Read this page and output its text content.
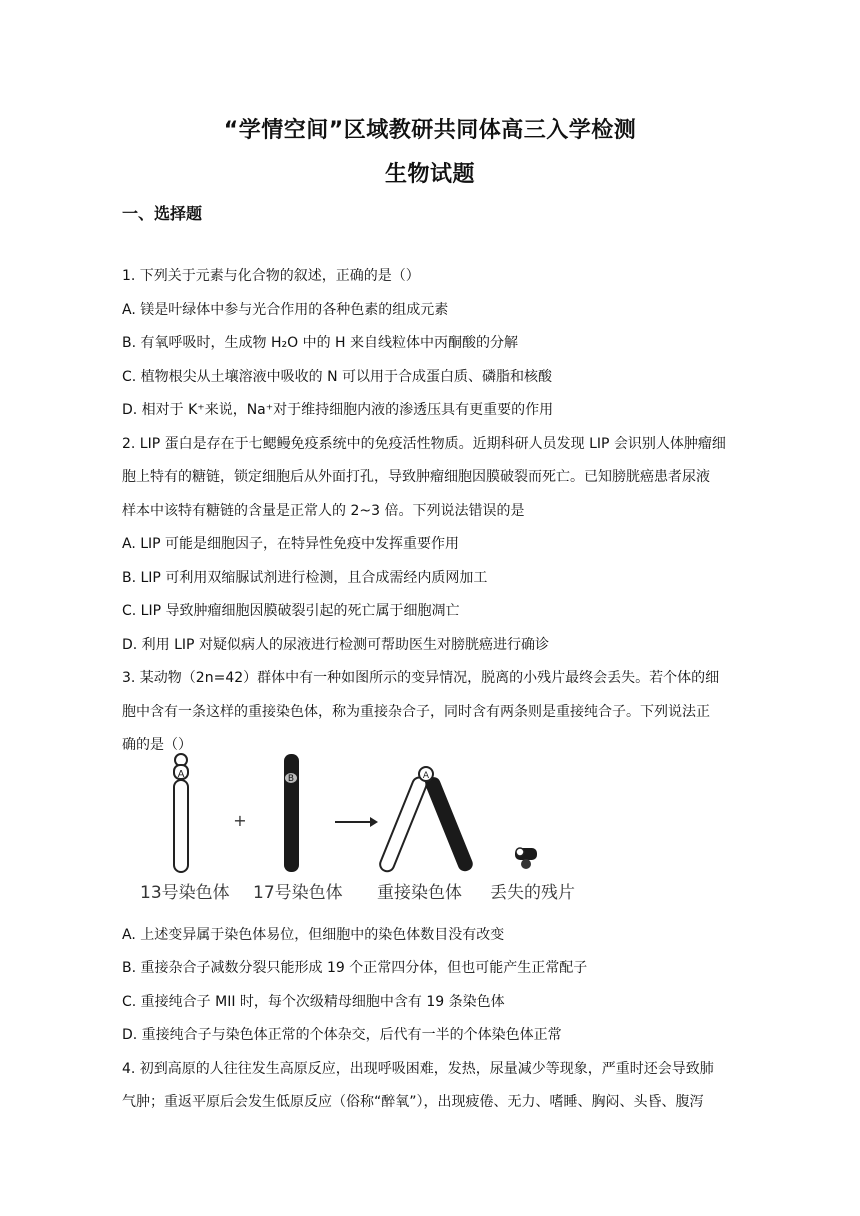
“学情空间”区域教研共同体高三入学检测
生物试题
一、选择题
1. 下列关于元素与化合物的叙述，正确的是（）
A. 镁是叶绿体中参与光合作用的各种色素的组成元素
B. 有氧呼吸时，生成物 H₂O 中的 H 来自线粒体中丙酮酸的分解
C. 植物根尖从土壤溶液中吸收的 N 可以用于合成蛋白质、磷脂和核酸
D. 相对于 K⁺来说，Na⁺对于维持细胞内液的渗透压具有更重要的作用
2. LIP 蛋白是存在于七鳃鳗免疫系统中的免疫活性物质。近期科研人员发现 LIP 会识别人体肿瘤细
胞上特有的糖链，锁定细胞后从外面打孔，导致肿瘤细胞因膜破裂而死亡。已知膀胱癌患者尿液
样本中该特有糖链的含量是正常人的 2~3 倍。下列说法错误的是
A. LIP 可能是细胞因子，在特异性免疫中发挥重要作用
B. LIP 可利用双缩脲试剂进行检测，且合成需经内质网加工
C. LIP 导致肿瘤细胞因膜破裂引起的死亡属于细胞凋亡
D. 利用 LIP 对疑似病人的尿液进行检测可帮助医生对膀胱癌进行确诊
3. 某动物（2n=42）群体中有一种如图所示的变异情况，脱离的小残片最终会丢失。若个体的细
胞中含有一条这样的重接染色体，称为重接杂合子，同时含有两条则是重接纯合子。下列说法正
确的是（）
A
+
B	A
13号染色体 17号染色体 重接染色体 丢失的残片
A. 上述变异属于染色体易位，但细胞中的染色体数目没有改变
B. 重接杂合子减数分裂只能形成 19 个正常四分体，但也可能产生正常配子
C. 重接纯合子 MII 时，每个次级精母细胞中含有 19 条染色体
D. 重接纯合子与染色体正常的个体杂交，后代有一半的个体染色体正常
4. 初到高原的人往往发生高原反应，出现呼吸困难，发热，尿量减少等现象，严重时还会导致肺
气肿；重返平原后会发生低原反应（俗称“醉氧”），出现疲倦、无力、嗜睡、胸闷、头昏、腹泻
